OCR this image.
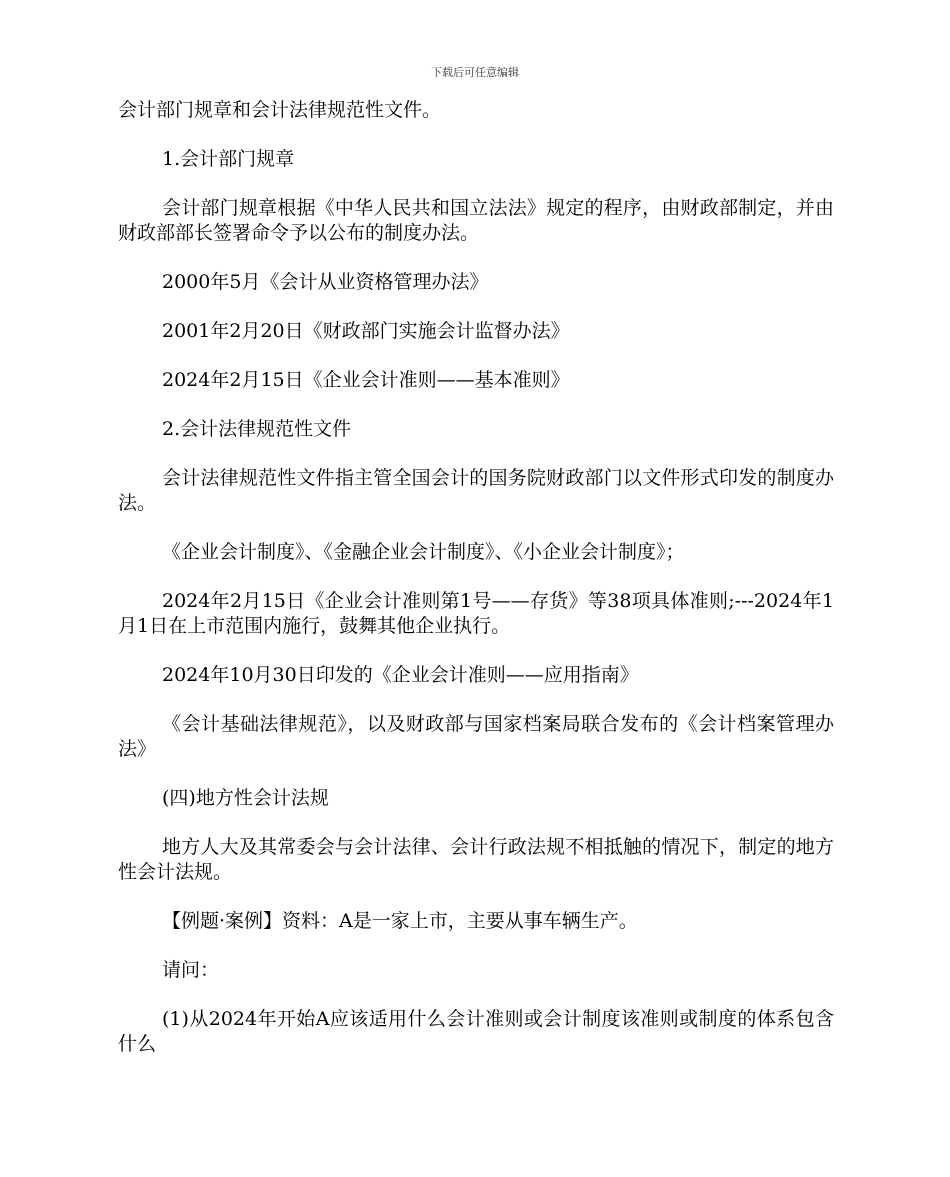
下载后可任意编辑

会计部门规章和会计法律规范性文件。

1.会计部门规章

会计部门规章根据《中华人民共和国立法法》规定的程序，由财政部制定，并由财政部部长签署命令予以公布的制度办法。

2000年5月《会计从业资格管理办法》

2001年2月20日《财政部门实施会计监督办法》

2024年2月15日《企业会计准则——基本准则》

2.会计法律规范性文件

会计法律规范性文件指主管全国会计的国务院财政部门以文件形式印发的制度办法。

《企业会计制度》、《金融企业会计制度》、《小企业会计制度》；

2024年2月15日《企业会计准则第1号——存货》等38项具体准则;---2024年1月1日在上市范围内施行，鼓舞其他企业执行。

2024年10月30日印发的《企业会计准则——应用指南》

《会计基础法律规范》，以及财政部与国家档案局联合发布的《会计档案管理办法》

(四)地方性会计法规

地方人大及其常委会与会计法律、会计行政法规不相抵触的情况下，制定的地方性会计法规。

【例题·案例】资料：A是一家上市，主要从事车辆生产。

请问：

(1)从2024年开始A应该适用什么会计准则或会计制度该准则或制度的体系包含什么
